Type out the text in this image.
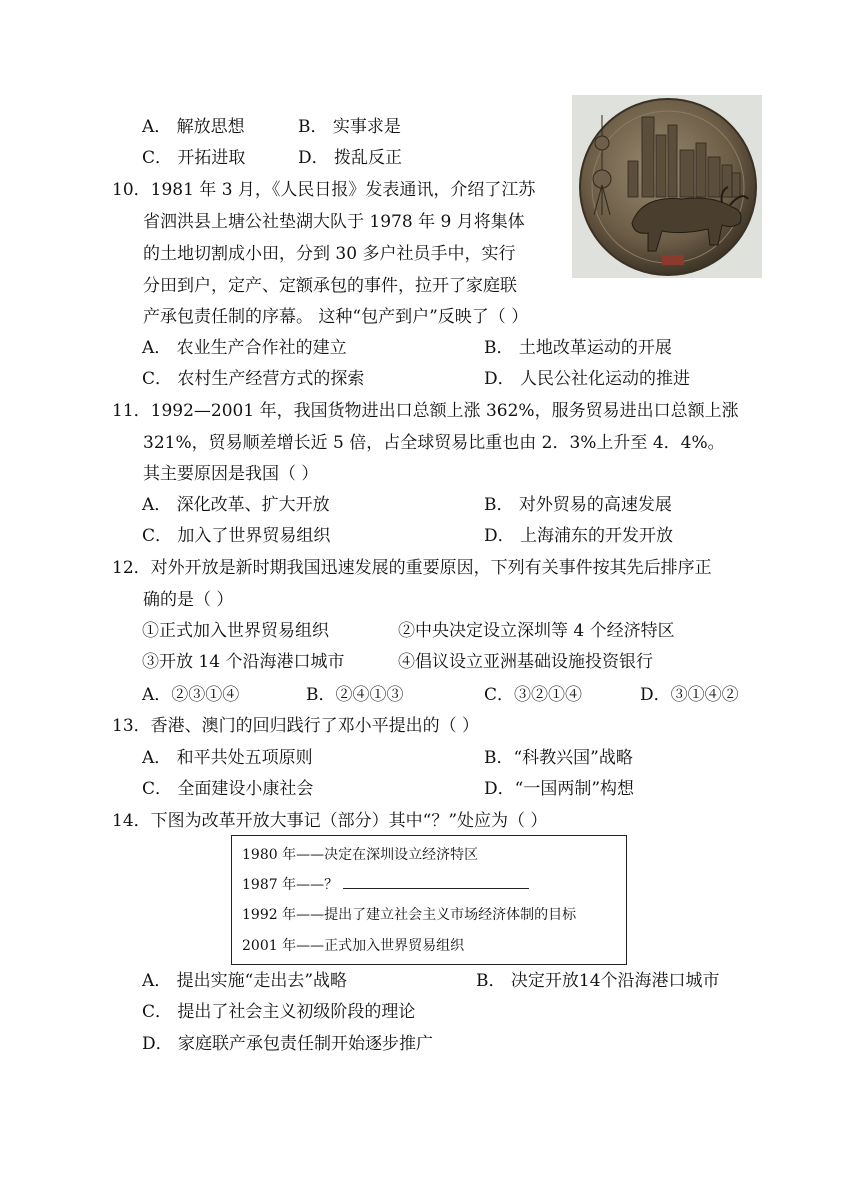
A． 解放思想	B． 实事求是
C． 开拓进取	D． 拨乱反正
10．1981 年 3 月，《人民日报》发表通讯，介绍了江苏
省泗洪县上塘公社垫湖大队于 1978 年 9 月将集体
的土地切割成小田，分到 30 多户社员手中，实行
分田到户，定产、定额承包的事件，拉开了家庭联
产承包责任制的序幕。 这种“包产到户”反映了（ ）
A． 农业生产合作社的建立	B． 土地改革运动的开展
C． 农村生产经营方式的探索	D． 人民公社化运动的推进
11．1992—2001 年，我国货物进出口总额上涨 362%，服务贸易进出口总额上涨
321%，贸易顺差增长近 5 倍，占全球贸易比重也由 2．3%上升至 4．4%。
其主要原因是我国（ ）
A． 深化改革、扩大开放	B． 对外贸易的高速发展
C． 加入了世界贸易组织	D． 上海浦东的开发开放
12．对外开放是新时期我国迅速发展的重要原因，下列有关事件按其先后排序正
确的是（ ）
①正式加入世界贸易组织	②中央决定设立深圳等 4 个经济特区
③开放 14 个沿海港口城市	④倡议设立亚洲基础设施投资银行
A．②③①④	B．②④①③	C．③②①④	D．③①④②
13．香港、澳门的回归践行了邓小平提出的（ ）
A． 和平共处五项原则	B．“科教兴国”战略
C． 全面建设小康社会	D．“一国两制”构想
14．下图为改革开放大事记（部分）其中“？”处应为（ ）
1980 年——决定在深圳设立经济特区
1987 年——？
1992 年——提出了建立社会主义市场经济体制的目标
2001 年——正式加入世界贸易组织
A． 提出实施“走出去”战略	B． 决定开放14个沿海港口城市
C． 提出了社会主义初级阶段的理论
D． 家庭联产承包责任制开始逐步推广
